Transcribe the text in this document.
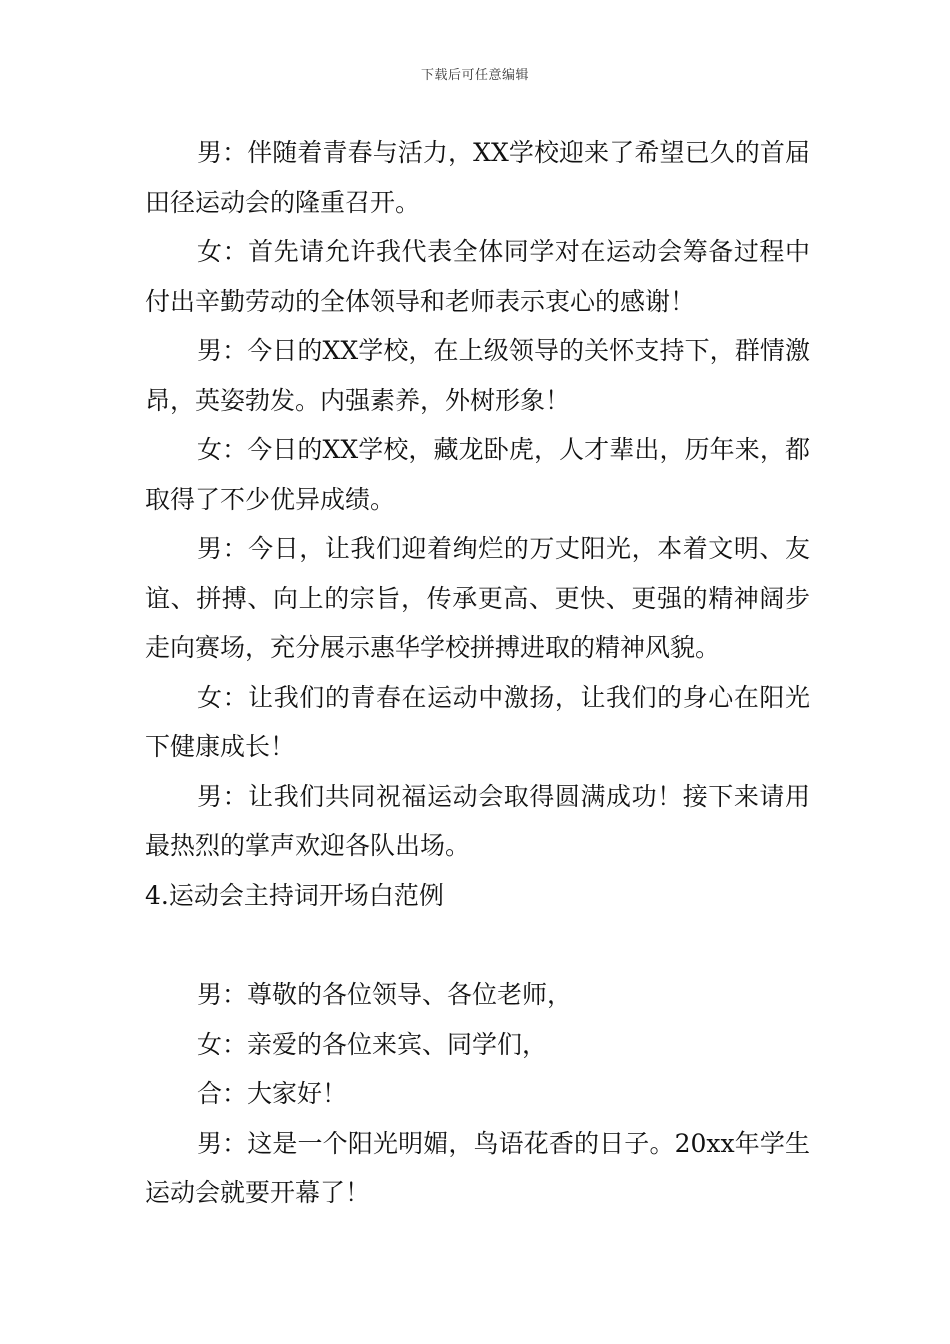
下载后可任意编辑

男：伴随着青春与活力，XX学校迎来了希望已久的首届田径运动会的隆重召开。

女：首先请允许我代表全体同学对在运动会筹备过程中付出辛勤劳动的全体领导和老师表示衷心的感谢！

男：今日的XX学校，在上级领导的关怀支持下，群情激昂，英姿勃发。内强素养，外树形象！

女：今日的XX学校，藏龙卧虎，人才辈出，历年来，都取得了不少优异成绩。

男：今日，让我们迎着绚烂的万丈阳光，本着文明、友谊、拼搏、向上的宗旨，传承更高、更快、更强的精神阔步走向赛场，充分展示惠华学校拼搏进取的精神风貌。

女：让我们的青春在运动中激扬，让我们的身心在阳光下健康成长！

男：让我们共同祝福运动会取得圆满成功！接下来请用最热烈的掌声欢迎各队出场。

4.运动会主持词开场白范例

男：尊敬的各位领导、各位老师，

女：亲爱的各位来宾、同学们，

合：大家好！

男：这是一个阳光明媚，鸟语花香的日子。20xx年学生运动会就要开幕了！
